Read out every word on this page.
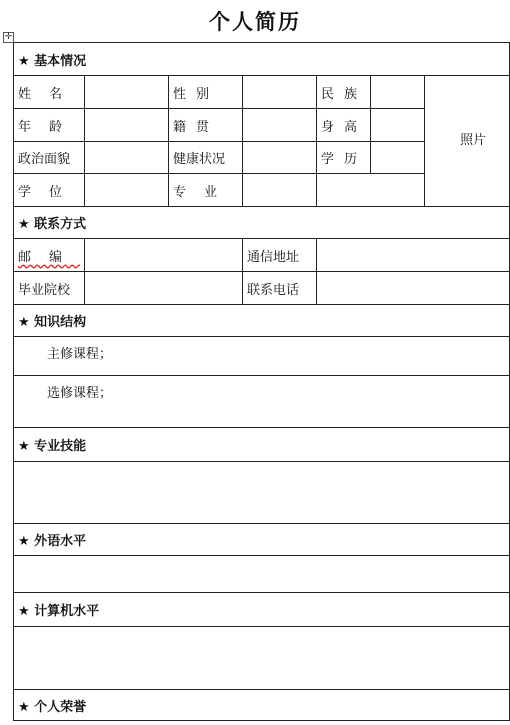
个人简历
✛
★ 基本情况						
姓名		性别		民族		照片
年龄		籍贯		身高		
政治面貌		健康状况		学历		
学位		专业				
★ 联系方式						
邮编			通信地址			
毕业院校			联系电话			
★ 知识结构						
主修课程；						
选修课程；						
★ 专业技能						

★ 外语水平						

★ 计算机水平						

★ 个人荣誉						
